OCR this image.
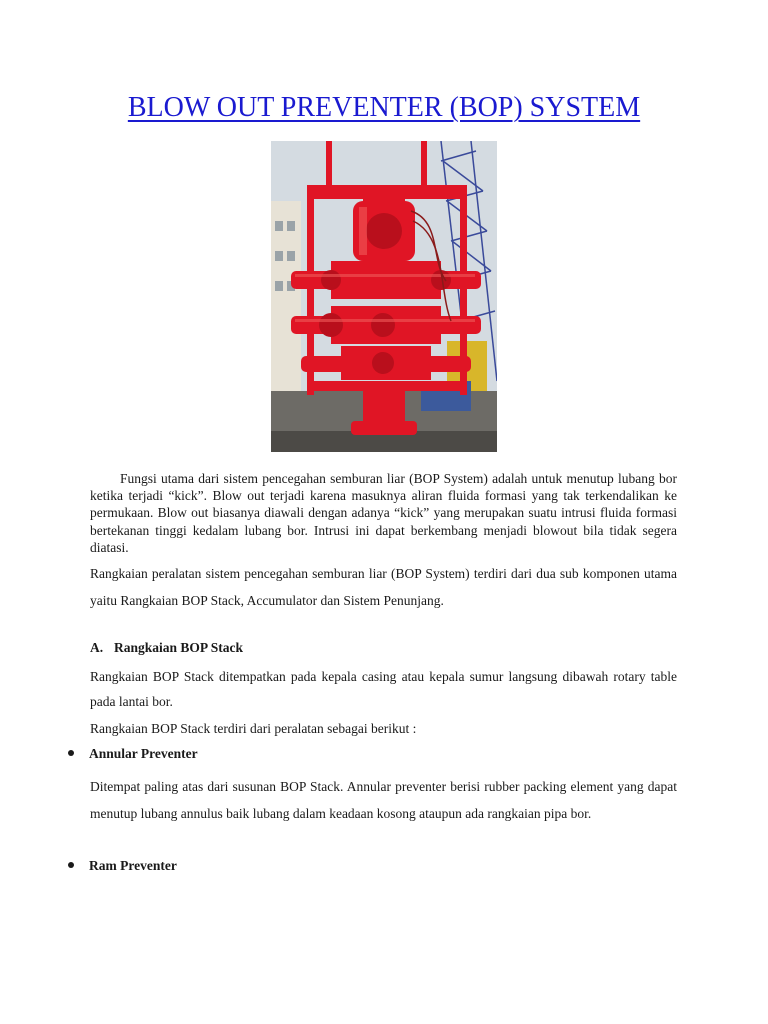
BLOW OUT PREVENTER (BOP) SYSTEM

Fungsi utama dari sistem pencegahan semburan liar (BOP System) adalah untuk menutup lubang bor ketika terjadi “kick”. Blow out terjadi karena masuknya aliran fluida formasi yang tak terkendalikan ke permukaan. Blow out biasanya diawali dengan adanya “kick” yang merupakan suatu intrusi fluida formasi bertekanan tinggi kedalam lubang bor. Intrusi ini dapat berkembang menjadi blowout bila tidak segera diatasi.

Rangkaian peralatan sistem pencegahan semburan liar (BOP System) terdiri dari dua sub komponen utama yaitu Rangkaian BOP Stack, Accumulator dan Sistem Penunjang.

A. Rangkaian BOP Stack

Rangkaian BOP Stack ditempatkan pada kepala casing atau kepala sumur langsung dibawah rotary table pada lantai bor.

Rangkaian BOP Stack terdiri dari peralatan sebagai berikut :

Annular Preventer

Ditempat paling atas dari susunan BOP Stack. Annular preventer berisi rubber packing element yang dapat menutup lubang annulus baik lubang dalam keadaan kosong ataupun ada rangkaian pipa bor.

Ram Preventer
